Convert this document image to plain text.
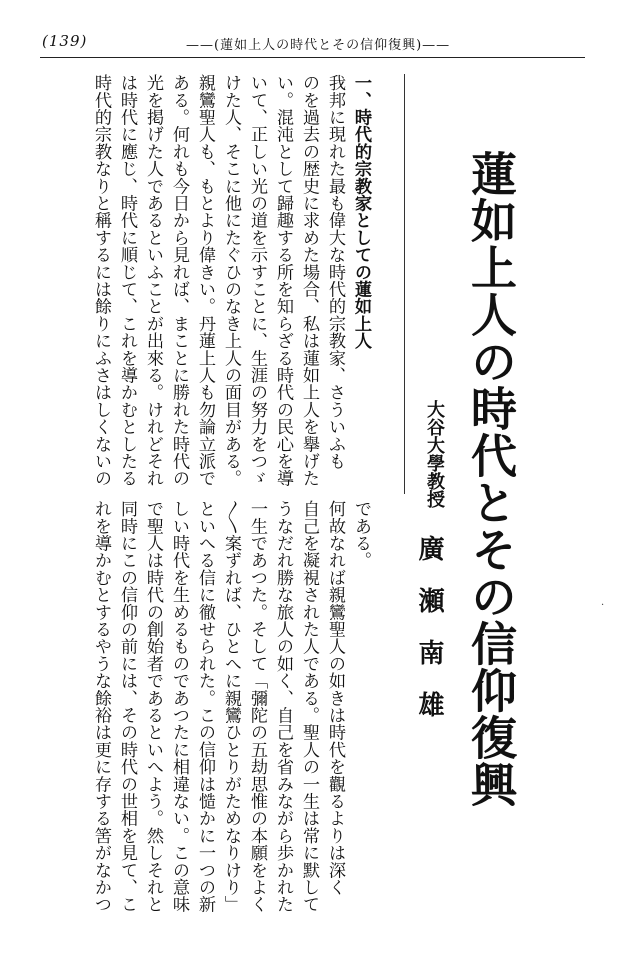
(139)	——(蓮如上人の時代とその信仰復興)——
一、時代的宗教家としての蓮如上人
我邦に現れた最も偉大な時代的宗教家、さういふも
のを過去の歴史に求めた場合、私は蓮如上人を擧げた
い。混沌として歸趣する所を知らざる時代の民心を導
いて、正しい光の道を示すことに、生涯の努力をつゞ
けた人、そこに他にたぐひのなき上人の面目がある。
親鸞聖人も、もとより偉きい。丹蓮上人も勿論立派で
ある。何れも今日から見れば、まことに勝れた時代の
光を掲げた人であるといふことが出來る。けれどそれ
は時代に應じ、時代に順じて、これを導かむとしたる
時代的宗教なりと稱するには餘りにふさはしくないの	蓮如上人の時代とその信仰復興
大谷大學教授
廣瀬南雄
である。
何故なれば親鸞聖人の如きは時代を觀るよりは深く
自己を凝視された人である。聖人の一生は常に默して
うなだれ勝な旅人の如く、自己を省みながら歩かれた
一生であつた。そして「彌陀の五劫思惟の本願をよく
〳〵案ずれば、ひとへに親鸞ひとりがためなりけり」
といへる信に徹せられた。この信仰は慥かに一つの新
しい時代を生めるものであつたに相違ない。この意味
で聖人は時代の創始者であるといへよう。然しそれと
同時にこの信仰の前には、その時代の世相を見て、こ
れを導かむとするやうな餘裕は更に存する筈がなかつ	·
